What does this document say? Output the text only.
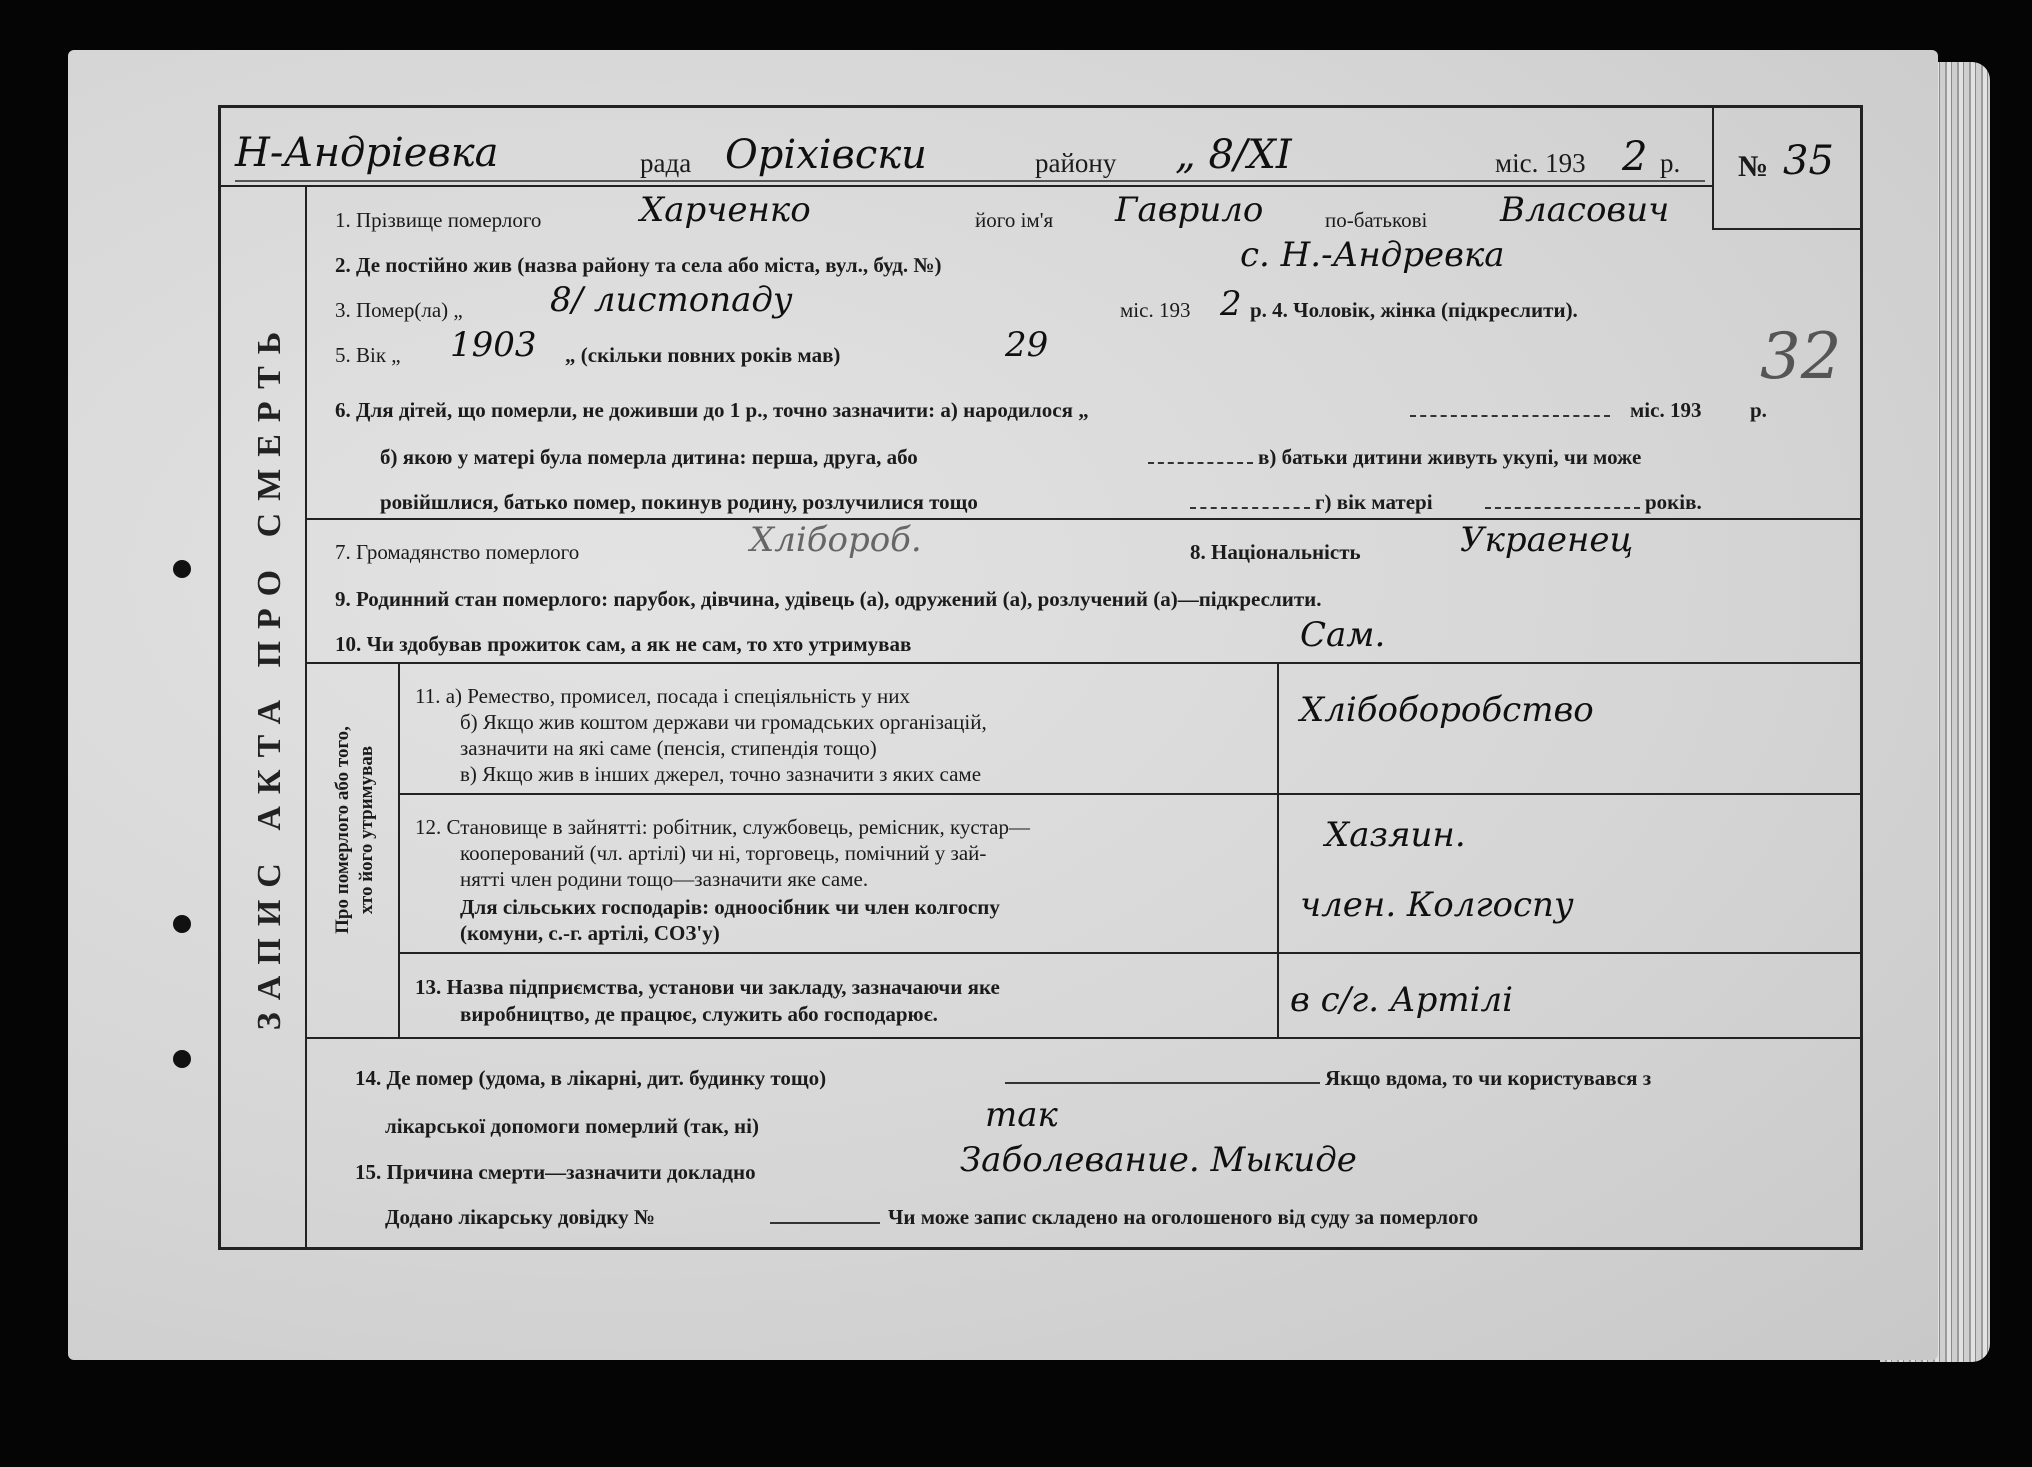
№ 35
Н-Андріевка	рада Оріхівски	району „ 8/XI	міс. 193 2 р.
ЗАПИС АКТА ПРО СМЕРТЬ
1. Прізвище померлого	Харченко	його ім'я Гаврило	по-батькові Власович
2. Де постійно жив (назва району та села або міста, вул., буд. №)	с. Н.-Андревка
3. Помер(ла) „	8/ листопаду	міс. 193 2 р. 4. Чоловік, жінка (підкреслити).
5. Вік „ 1903 „ (скільки повних років мав)	29	32
6. Для дітей, що померли, не доживши до 1 р., точно зазначити: а) народилося „	міс. 193 р.
б) якою у матері була померла дитина: перша, друга, або	в) батьки дитини живуть укупі, чи може
ровійшлися, батько помер, покинув родину, розлучилися тощо	г) вік матері	років.
7. Громадянство померлого	Хлібороб.	8. Національність	Украенец
9. Родинний стан померлого: парубок, дівчина, удівець (а), одружений (а), розлучений (а)—підкреслити.
10. Чи здобував прожиток сам, а як не сам, то хто утримував	Сам.
Про померлого або того, хто його утримував
11. а) Ремество, промисел, посада і спеціяльність у них
б) Якщо жив коштом держави чи громадських організацій,
зазначити на які саме (пенсія, стипендія тощо)
в) Якщо жив в інших джерел, точно зазначити з яких саме
Хлібоборобство
12. Становище в зайнятті: робітник, службовець, ремісник, кустар—
кооперований (чл. артілі) чи ні, торговець, помічний у зай-
нятті член родини тощо—зазначити яке саме.
Для сільських господарів: одноосібник чи член колгоспу
(комуни, с.-г. артілі, СОЗ'у)
Хазяин.
член. Колгоспу
13. Назва підприємства, установи чи закладу, зазначаючи яке
виробництво, де працює, служить або господарює.	в с/г. Артілі
14. Де помер (удома, в лікарні, дит. будинку тощо)	Якщо вдома, то чи користувався з
лікарської допомоги померлий (так, ні)	так
15. Причина смерти—зазначити докладно	Заболевание. Мыкиде
Додано лікарську довідку №	Чи може запис складено на оголошеного від суду за померлого
